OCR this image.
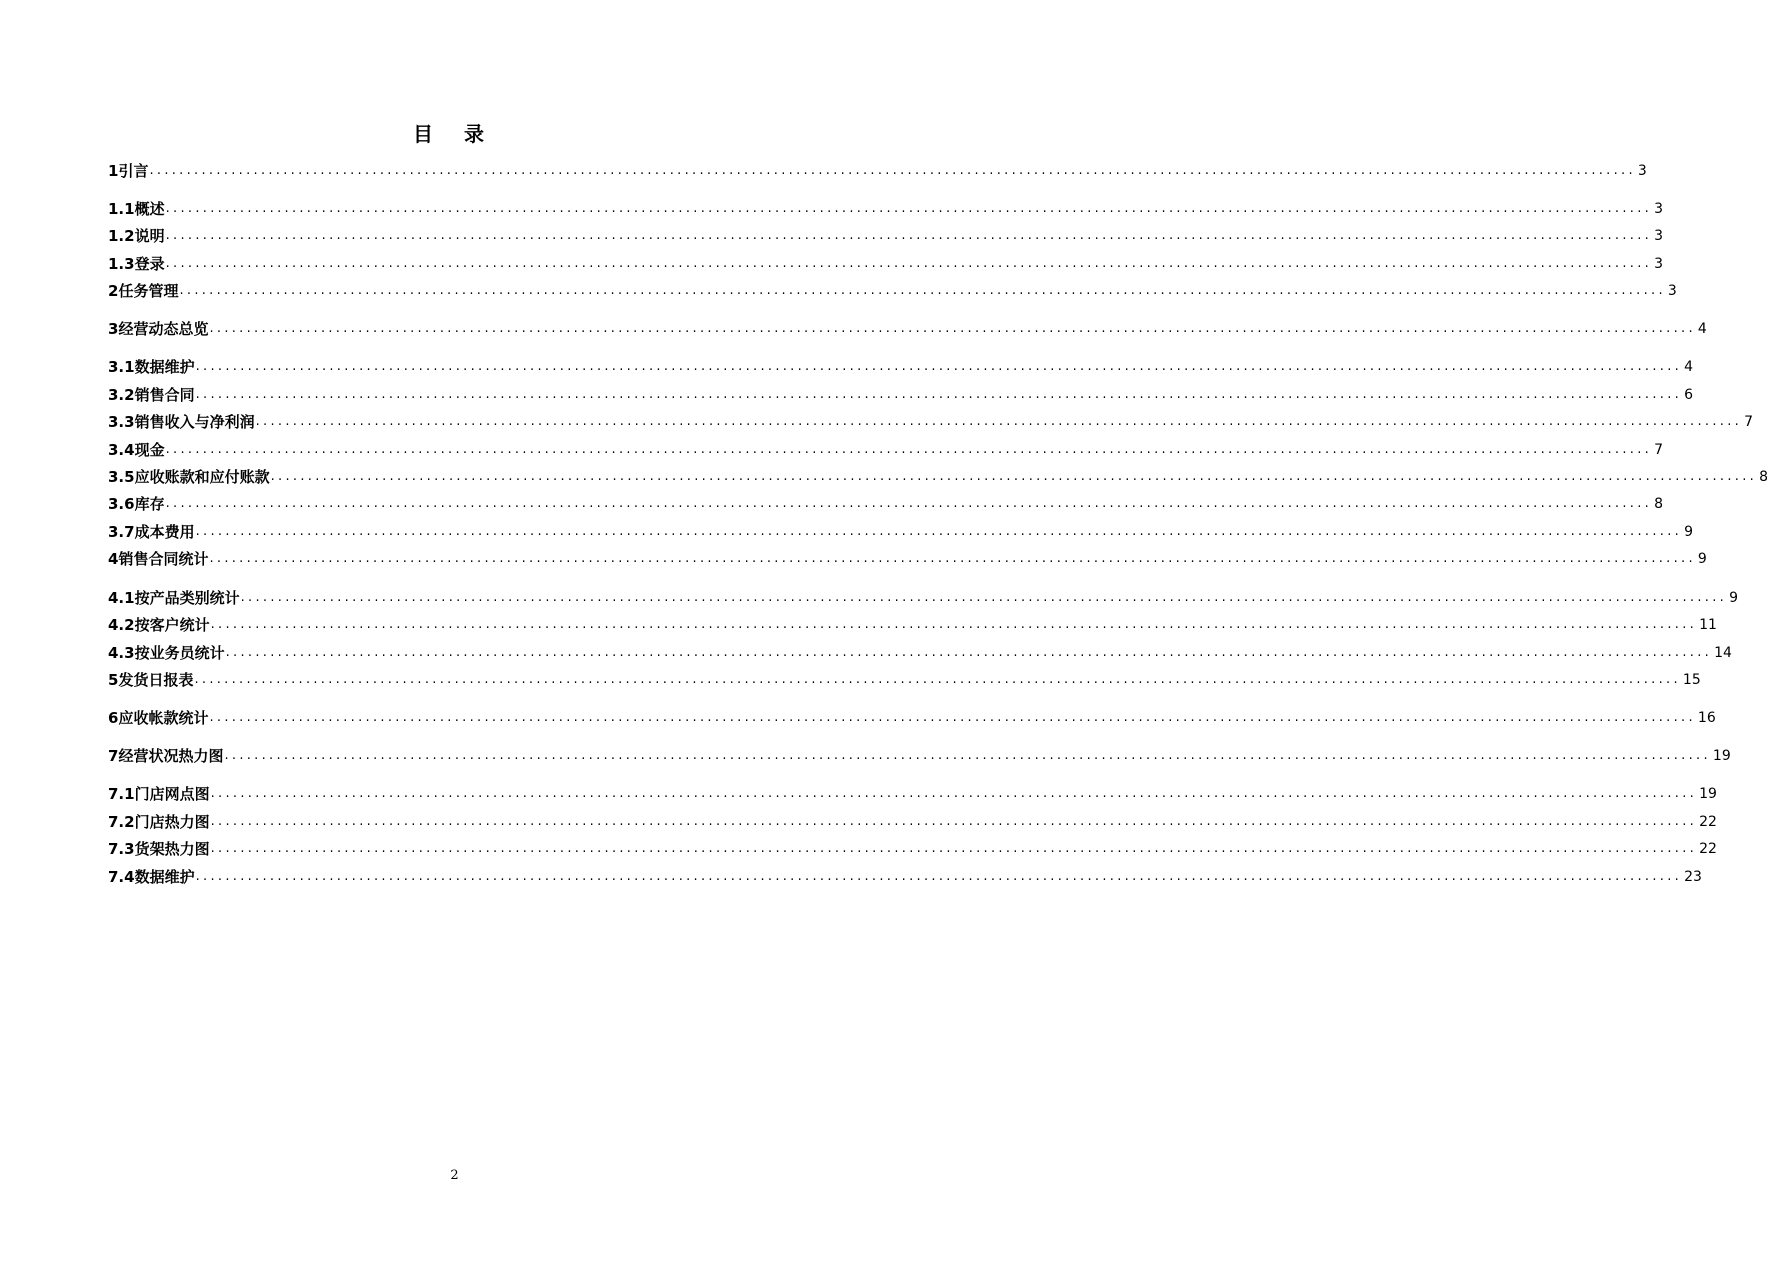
目 录
1 引言 ........................................................................................................................................................................................................ 3
1.1 概述 ........................................................................................................................................................................................................ 3
1.2 说明 ........................................................................................................................................................................................................ 3
1.3 登录 ........................................................................................................................................................................................................ 3
2 任务管理 ........................................................................................................................................................................................................ 3
3 经营动态总览 ........................................................................................................................................................................................................ 4
3.1 数据维护 ........................................................................................................................................................................................................ 4
3.2 销售合同 ........................................................................................................................................................................................................ 6
3.3 销售收入与净利润 ........................................................................................................................................................................................................ 7
3.4 现金 ........................................................................................................................................................................................................ 7
3.5 应收账款和应付账款 ........................................................................................................................................................................................................ 8
3.6 库存 ........................................................................................................................................................................................................ 8
3.7 成本费用 ........................................................................................................................................................................................................ 9
4 销售合同统计 ........................................................................................................................................................................................................ 9
4.1 按产品类别统计 ........................................................................................................................................................................................................ 9
4.2 按客户统计 ........................................................................................................................................................................................................ 11
4.3 按业务员统计 ........................................................................................................................................................................................................ 14
5 发货日报表 ........................................................................................................................................................................................................ 15
6 应收帐款统计 ........................................................................................................................................................................................................ 16
7 经营状况热力图 ........................................................................................................................................................................................................ 19
7.1 门店网点图 ........................................................................................................................................................................................................ 19
7.2 门店热力图 ........................................................................................................................................................................................................ 22
7.3 货架热力图 ........................................................................................................................................................................................................ 22
7.4 数据维护 ........................................................................................................................................................................................................ 23
2
